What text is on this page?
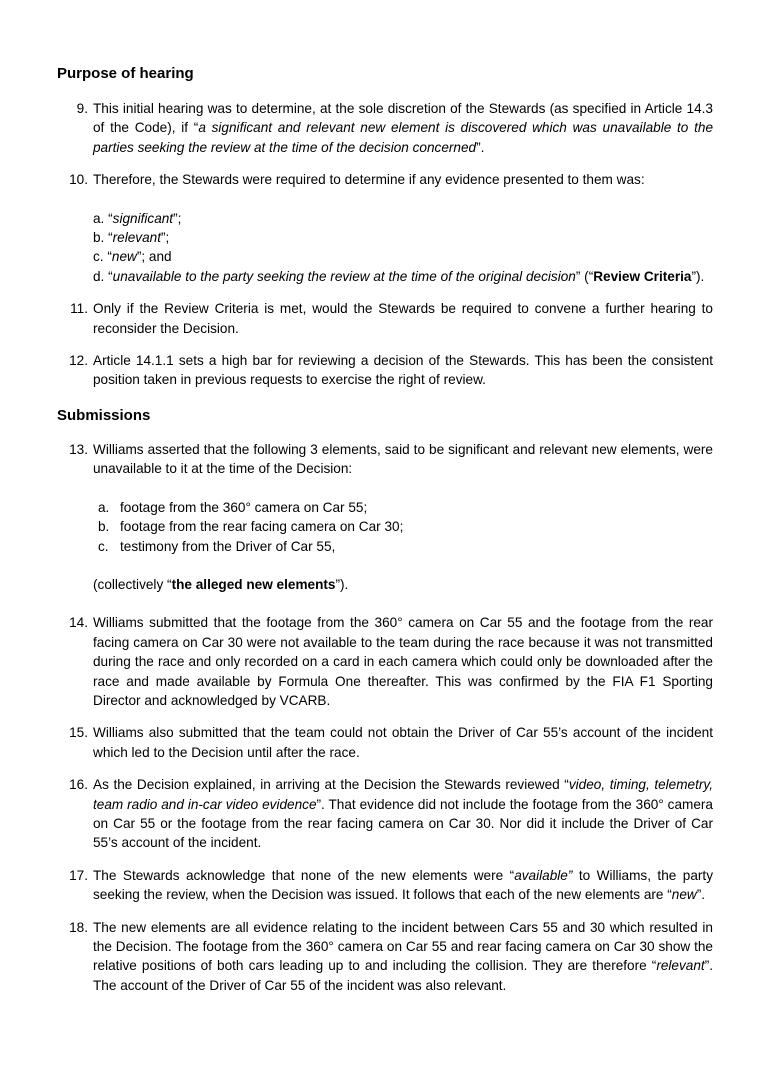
Purpose of hearing
9. This initial hearing was to determine, at the sole discretion of the Stewards (as specified in Article 14.3 of the Code), if “a significant and relevant new element is discovered which was unavailable to the parties seeking the review at the time of the decision concerned”.
10. Therefore, the Stewards were required to determine if any evidence presented to them was:
a. “significant”;
b. “relevant”;
c. “new”; and
d. “unavailable to the party seeking the review at the time of the original decision” (“Review Criteria”).
11. Only if the Review Criteria is met, would the Stewards be required to convene a further hearing to reconsider the Decision.
12. Article 14.1.1 sets a high bar for reviewing a decision of the Stewards. This has been the consistent position taken in previous requests to exercise the right of review.
Submissions
13. Williams asserted that the following 3 elements, said to be significant and relevant new elements, were unavailable to it at the time of the Decision:
a. footage from the 360° camera on Car 55;
b. footage from the rear facing camera on Car 30;
c. testimony from the Driver of Car 55,
(collectively “the alleged new elements”).
14. Williams submitted that the footage from the 360° camera on Car 55 and the footage from the rear facing camera on Car 30 were not available to the team during the race because it was not transmitted during the race and only recorded on a card in each camera which could only be downloaded after the race and made available by Formula One thereafter. This was confirmed by the FIA F1 Sporting Director and acknowledged by VCARB.
15. Williams also submitted that the team could not obtain the Driver of Car 55’s account of the incident which led to the Decision until after the race.
16. As the Decision explained, in arriving at the Decision the Stewards reviewed “video, timing, telemetry, team radio and in-car video evidence”. That evidence did not include the footage from the 360° camera on Car 55 or the footage from the rear facing camera on Car 30. Nor did it include the Driver of Car 55’s account of the incident.
17. The Stewards acknowledge that none of the new elements were “available” to Williams, the party seeking the review, when the Decision was issued. It follows that each of the new elements are “new”.
18. The new elements are all evidence relating to the incident between Cars 55 and 30 which resulted in the Decision. The footage from the 360° camera on Car 55 and rear facing camera on Car 30 show the relative positions of both cars leading up to and including the collision. They are therefore “relevant”. The account of the Driver of Car 55 of the incident was also relevant.
